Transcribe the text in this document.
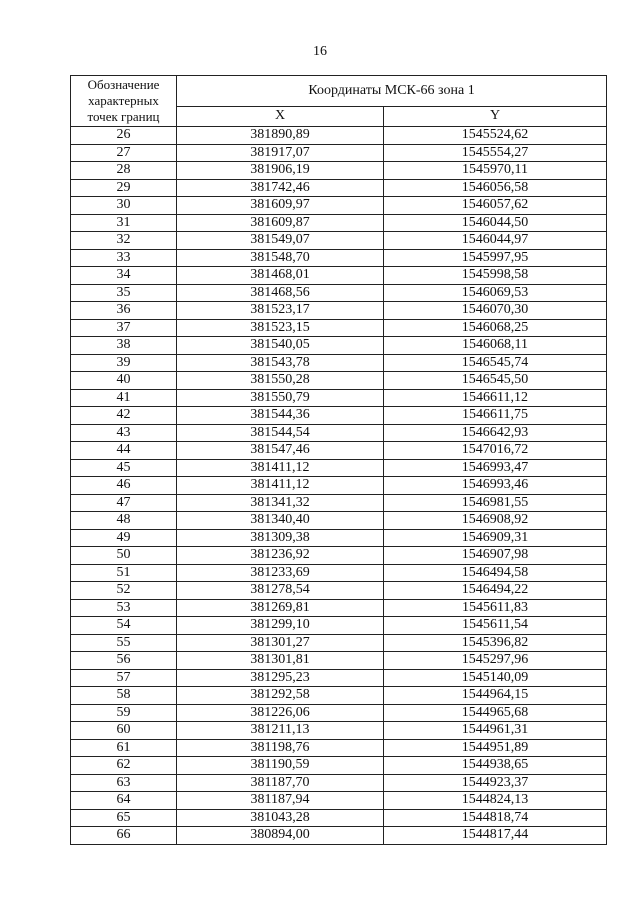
16
Обозначение
характерных
точек границ	Координаты МСК-66 зона 1	
	X	Y
26	381890,89	1545524,62
27	381917,07	1545554,27
28	381906,19	1545970,11
29	381742,46	1546056,58
30	381609,97	1546057,62
31	381609,87	1546044,50
32	381549,07	1546044,97
33	381548,70	1545997,95
34	381468,01	1545998,58
35	381468,56	1546069,53
36	381523,17	1546070,30
37	381523,15	1546068,25
38	381540,05	1546068,11
39	381543,78	1546545,74
40	381550,28	1546545,50
41	381550,79	1546611,12
42	381544,36	1546611,75
43	381544,54	1546642,93
44	381547,46	1547016,72
45	381411,12	1546993,47
46	381411,12	1546993,46
47	381341,32	1546981,55
48	381340,40	1546908,92
49	381309,38	1546909,31
50	381236,92	1546907,98
51	381233,69	1546494,58
52	381278,54	1546494,22
53	381269,81	1545611,83
54	381299,10	1545611,54
55	381301,27	1545396,82
56	381301,81	1545297,96
57	381295,23	1545140,09
58	381292,58	1544964,15
59	381226,06	1544965,68
60	381211,13	1544961,31
61	381198,76	1544951,89
62	381190,59	1544938,65
63	381187,70	1544923,37
64	381187,94	1544824,13
65	381043,28	1544818,74
66	380894,00	1544817,44
